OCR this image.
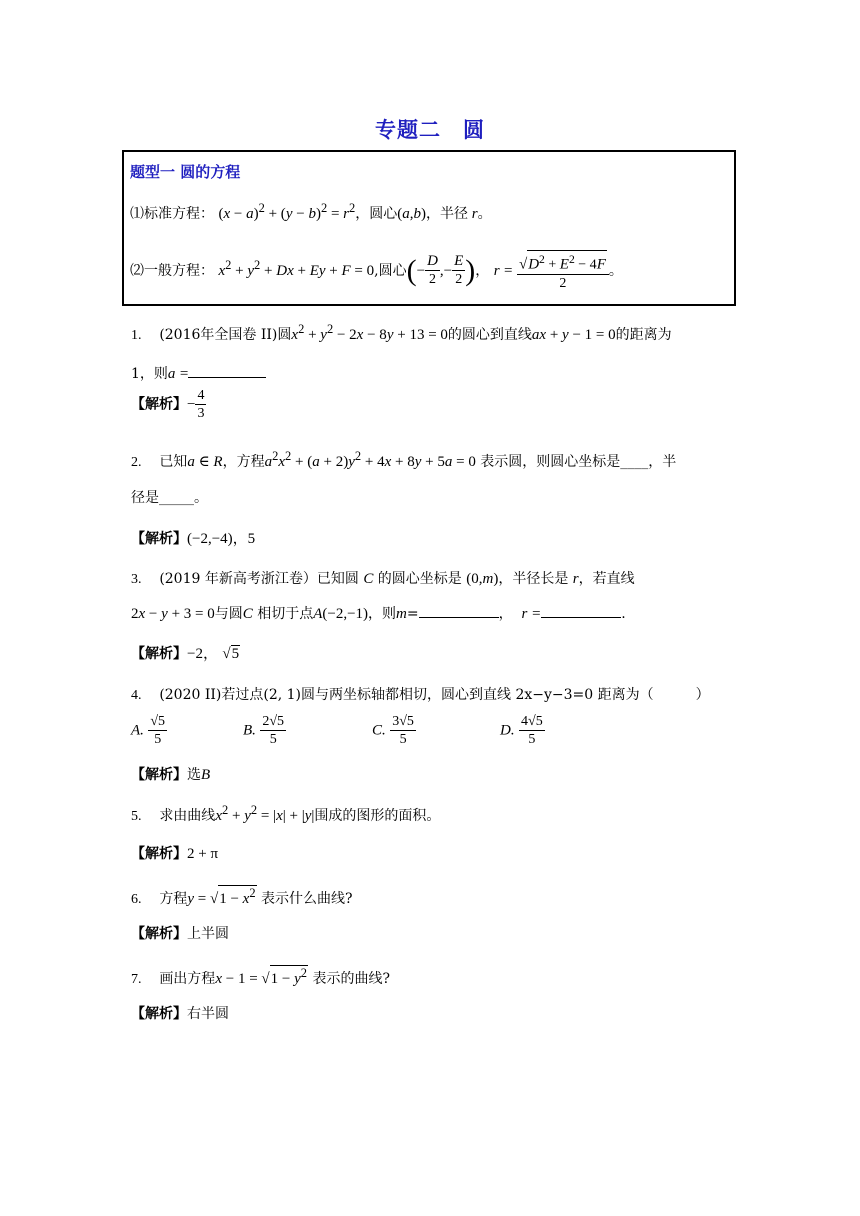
专题二　圆
题型一 圆的方程
⑴标准方程： $(x - a)^2 + (y - b)^2 = r^2$，圆心(a,b)，半径 r。
⑵一般方程： $x^2 + y^2 + Dx + Ey + F = 0$,圆心(− $\frac{D}{2}$ ,− $\frac{E}{2}$ )， $r = \frac{√D^2 + E^2 - 4F}{2}$ 。
1. (2016年全国卷 II)圆$x^2 + y^2 - 2x - 8y + 13 = 0$的圆心到直线ax + y − 1 = 0的距离为
1，则a =
【解析】− $\frac{4}{3}$
2. 已知a ∈ R，方程$a^2x^2 + (a + 2)y^2 + 4x + 8y + 5a = 0$ 表示圆，则圆心坐标是____，半
径是_____。
【解析】(−2,−4)，5
3. (2019 年新高考浙江卷）已知圆 C 的圆心坐标是 (0,m)，半径长是 r，若直线
2x − y + 3 = 0与圆C 相切于点A(−2,−1)，则m=	， r =	.
【解析】−2， √5
4. (2020 II)若过点(2, 1)圆与两坐标轴都相切，圆心到直线 2x−y−3=0 距离为（　　　）
A. $\frac{√5}{5}$	B. $\frac{2√5}{5}$	C. $\frac{3√5}{5}$	D. $\frac{4√5}{5}$
【解析】选B
5. 求由曲线$x^2 + y^2 = |x| + |y|$围成的图形的面积。
【解析】2 + π
6. 方程$y = √1 - x^2$ 表示什么曲线?
【解析】上半圆
7. 画出方程$x - 1 = √1 - y^2$ 表示的曲线?
【解析】右半圆
